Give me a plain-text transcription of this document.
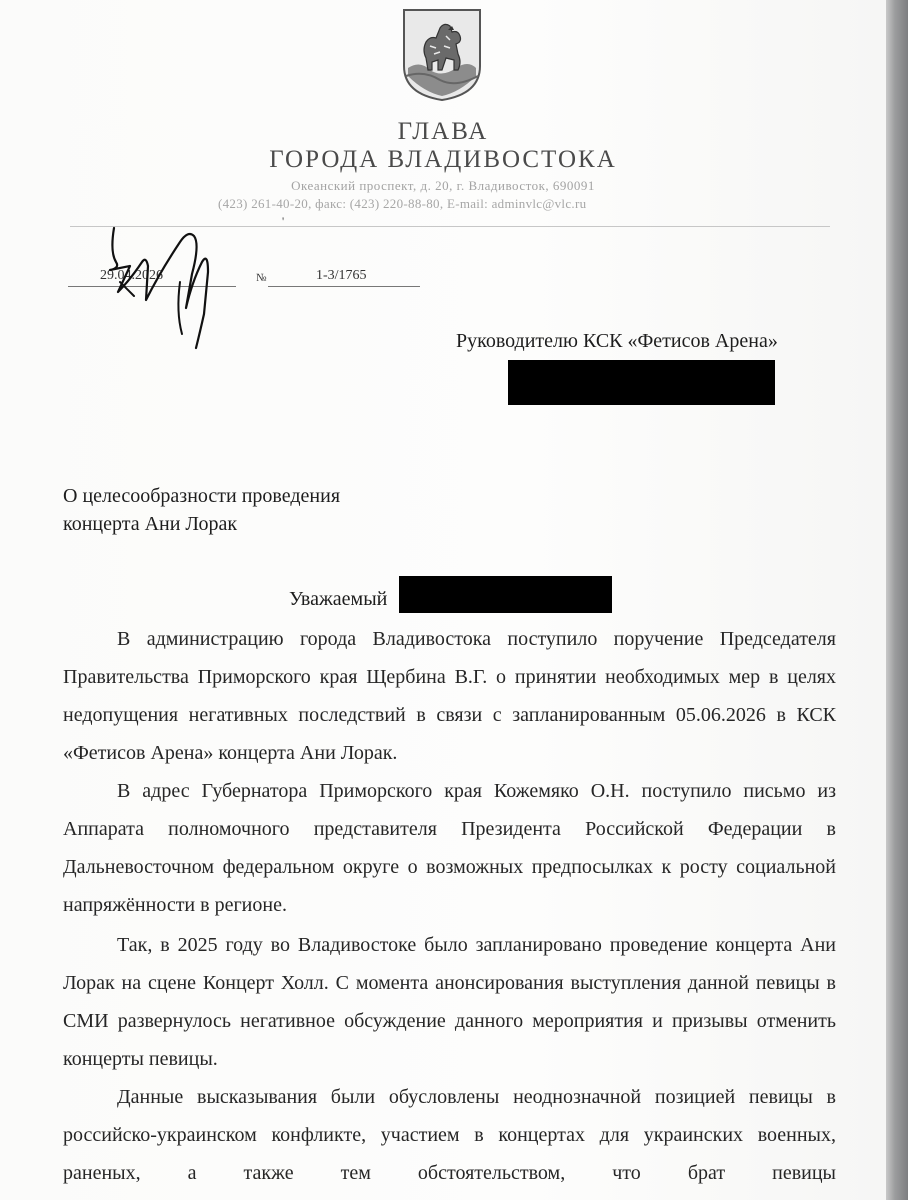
ГЛАВА
ГОРОДА ВЛАДИВОСТОКА
Океанский проспект, д. 20, г. Владивосток, 690091
(423) 261-40-20, факс: (423) 220-88-80, E-mail: adminvlc@vlc.ru
'
29.04.2026	№	1-3/1765
Руководителю КСК «Фетисов Арена»
О целесообразности проведения
концерта Ани Лорак
Уважаемый

В администрацию города Владивостока поступило поручение Председателя Правительства Приморского края Щербина В.Г. о принятии необходимых мер в целях недопущения негативных последствий в связи с запланированным 05.06.2026 в КСК «Фетисов Арена» концерта Ани Лорак.

В адрес Губернатора Приморского края Кожемяко О.Н. поступило письмо из Аппарата полномочного представителя Президента Российской Федерации в Дальневосточном федеральном округе о возможных предпосылках к росту социальной напряжённости в регионе.

Так, в 2025 году во Владивостоке было запланировано проведение концерта Ани Лорак на сцене Концерт Холл. С момента анонсирования выступления данной певицы в СМИ развернулось негативное обсуждение данного мероприятия и призывы отменить концерты певицы.

Данные высказывания были обусловлены неоднозначной позицией певицы в российско-украинском конфликте, участием в концертах для украинских военных, раненых, а также тем обстоятельством, что брат певицы
